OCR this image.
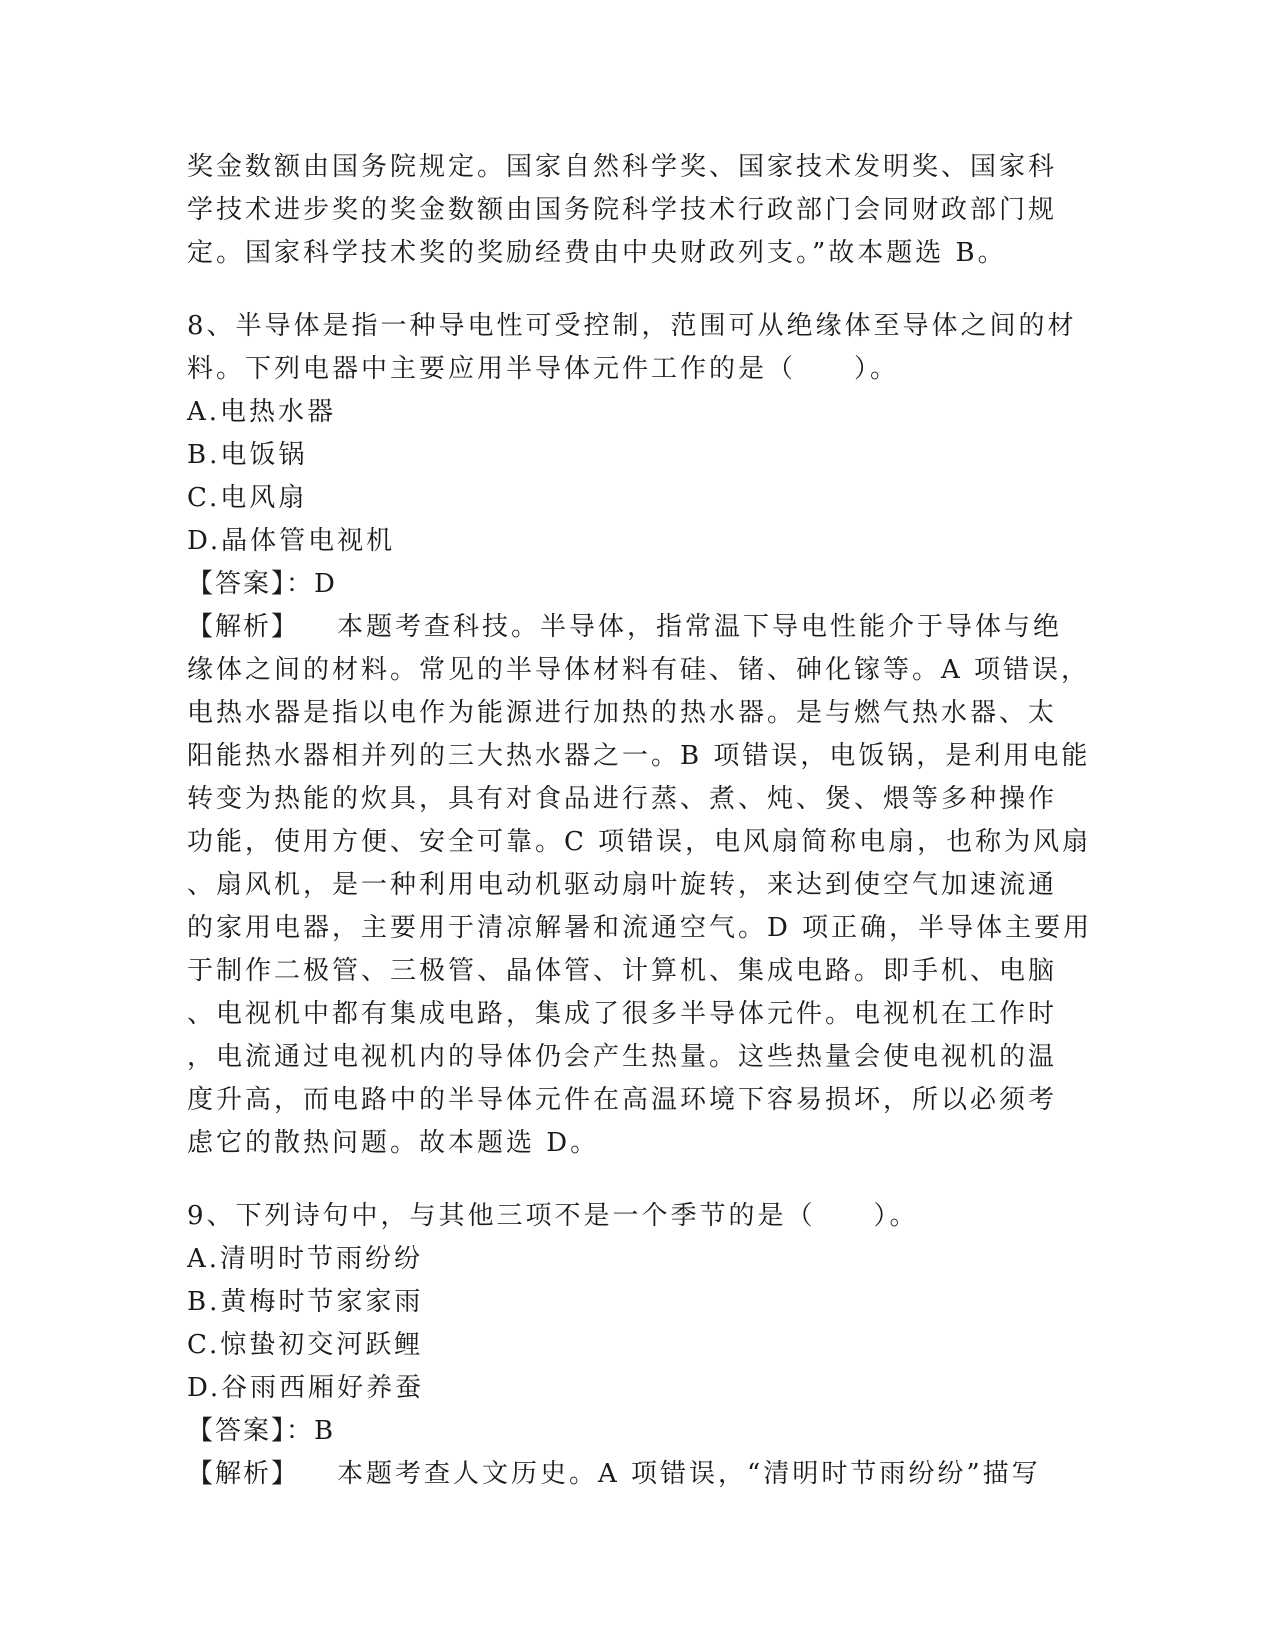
奖金数额由国务院规定。国家自然科学奖、国家技术发明奖、国家科
学技术进步奖的奖金数额由国务院科学技术行政部门会同财政部门规
定。国家科学技术奖的奖励经费由中央财政列支。”故本题选 B。
8、半导体是指一种导电性可受控制，范围可从绝缘体至导体之间的材
料。下列电器中主要应用半导体元件工作的是（　　）。
A.电热水器
B.电饭锅
C.电风扇
D.晶体管电视机
【答案】：D
【解析】 本题考查科技。半导体，指常温下导电性能介于导体与绝
缘体之间的材料。常见的半导体材料有硅、锗、砷化镓等。A 项错误，
电热水器是指以电作为能源进行加热的热水器。是与燃气热水器、太
阳能热水器相并列的三大热水器之一。B 项错误，电饭锅，是利用电能
转变为热能的炊具，具有对食品进行蒸、煮、炖、煲、煨等多种操作
功能，使用方便、安全可靠。C 项错误，电风扇简称电扇，也称为风扇
、扇风机，是一种利用电动机驱动扇叶旋转，来达到使空气加速流通
的家用电器，主要用于清凉解暑和流通空气。D 项正确，半导体主要用
于制作二极管、三极管、晶体管、计算机、集成电路。即手机、电脑
、电视机中都有集成电路，集成了很多半导体元件。电视机在工作时
，电流通过电视机内的导体仍会产生热量。这些热量会使电视机的温
度升高，而电路中的半导体元件在高温环境下容易损坏，所以必须考
虑它的散热问题。故本题选 D。
9、下列诗句中，与其他三项不是一个季节的是（　　）。
A.清明时节雨纷纷
B.黄梅时节家家雨
C.惊蛰初交河跃鲤
D.谷雨西厢好养蚕
【答案】：B
【解析】 本题考查人文历史。A 项错误，“清明时节雨纷纷”描写
